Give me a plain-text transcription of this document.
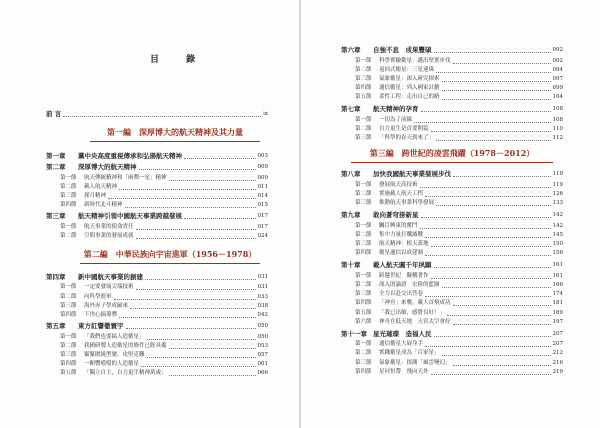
目 錄
前 言	ix
第一編　深厚博大的航天精神及其力量
第一章	黨中央高度重視傳承和弘揚航天精神	003
第二章	深厚博大的航天精神	009
第一節	航天傳統精神和「兩彈一星」精神	009
第二節	載人航天精神	011
第三節	探月精神	014
第四節	新時代北斗精神	015
第三章	航天精神引領中國航天事業跨越發展	017
第一節	航天事業的使命責任	017
第二節	空間事業的發展成就	024
第二編　中華民族向宇宙進軍（1956－1978）
第四章	新中國航天事業的創建	031
第一節	一定要發展尖端技術	031
第二節	向科學進軍	033
第三節	海外赤子學成歸來	038
第四節	下決心搞導彈	042
第五章	東方紅響徹寰宇	050
第一節	「我們也要搞人造衛星」	050
第二節	我國研製人造衛星的條件已經具備	053
第三節	緊緊圍繞型號，攻堅克難	057
第四節	一顆響噹噹的人造衛星	061
第五節	「獨立自主，自力更生精神萬歲」	066
第六章	自強不息　成果豐碩	092
第一節	科學實驗衛星：邁出堅實步伐	092
第二節	返回式衛星：三星連珠	094
第三節	氣象衛星：深入研究探索	097
第四節	通信衛星：列入國家計劃	099
第五節	柔性工程：走出自己的路	104
第七章	航天精神的孕育	108
第一節	一切為了前線	108
第二節	自力更生是首要開篇	110
第三節	「科學的春天到來了」	112
第三編　跨世紀的凌雲飛躍（1978－2012）
第八章	加快我國航天事業發展步伐	119
第一節	發展航天高技術	119
第二節	實施載人航天工程	126
第三節	推動航天事業科學發展	133
第九章	敢向蒼穹掛新星	142
第一節	矚目興東的奮鬥	142
第二節	集中力量打殲滅戰	145
第三節	航天精神：植天蓋地	150
第四節	衛星通信以成建制	156
第十章	載人航天圓千年夙願	161
第一節	跨越世紀　擬構著作	161
第二節	深入的論證　宏偉的藍圖	166
第三節	全力以赴交出答卷	174
第四節	「神舟」來襲，載人首飛成功	181
第五節	「我已出艙，感覺良好！」	189
第六節	神舟在低天地　天宮太空會好	197
第十一章 星光璀璨　造福人民	207
第一節	通信衛星大展身手	207
第二節	實踐衛星成為「百家星」	212
第三節	氣象衛星：探測「風雲變幻」	216
第四節	星河恒帶　飛向天外	219
